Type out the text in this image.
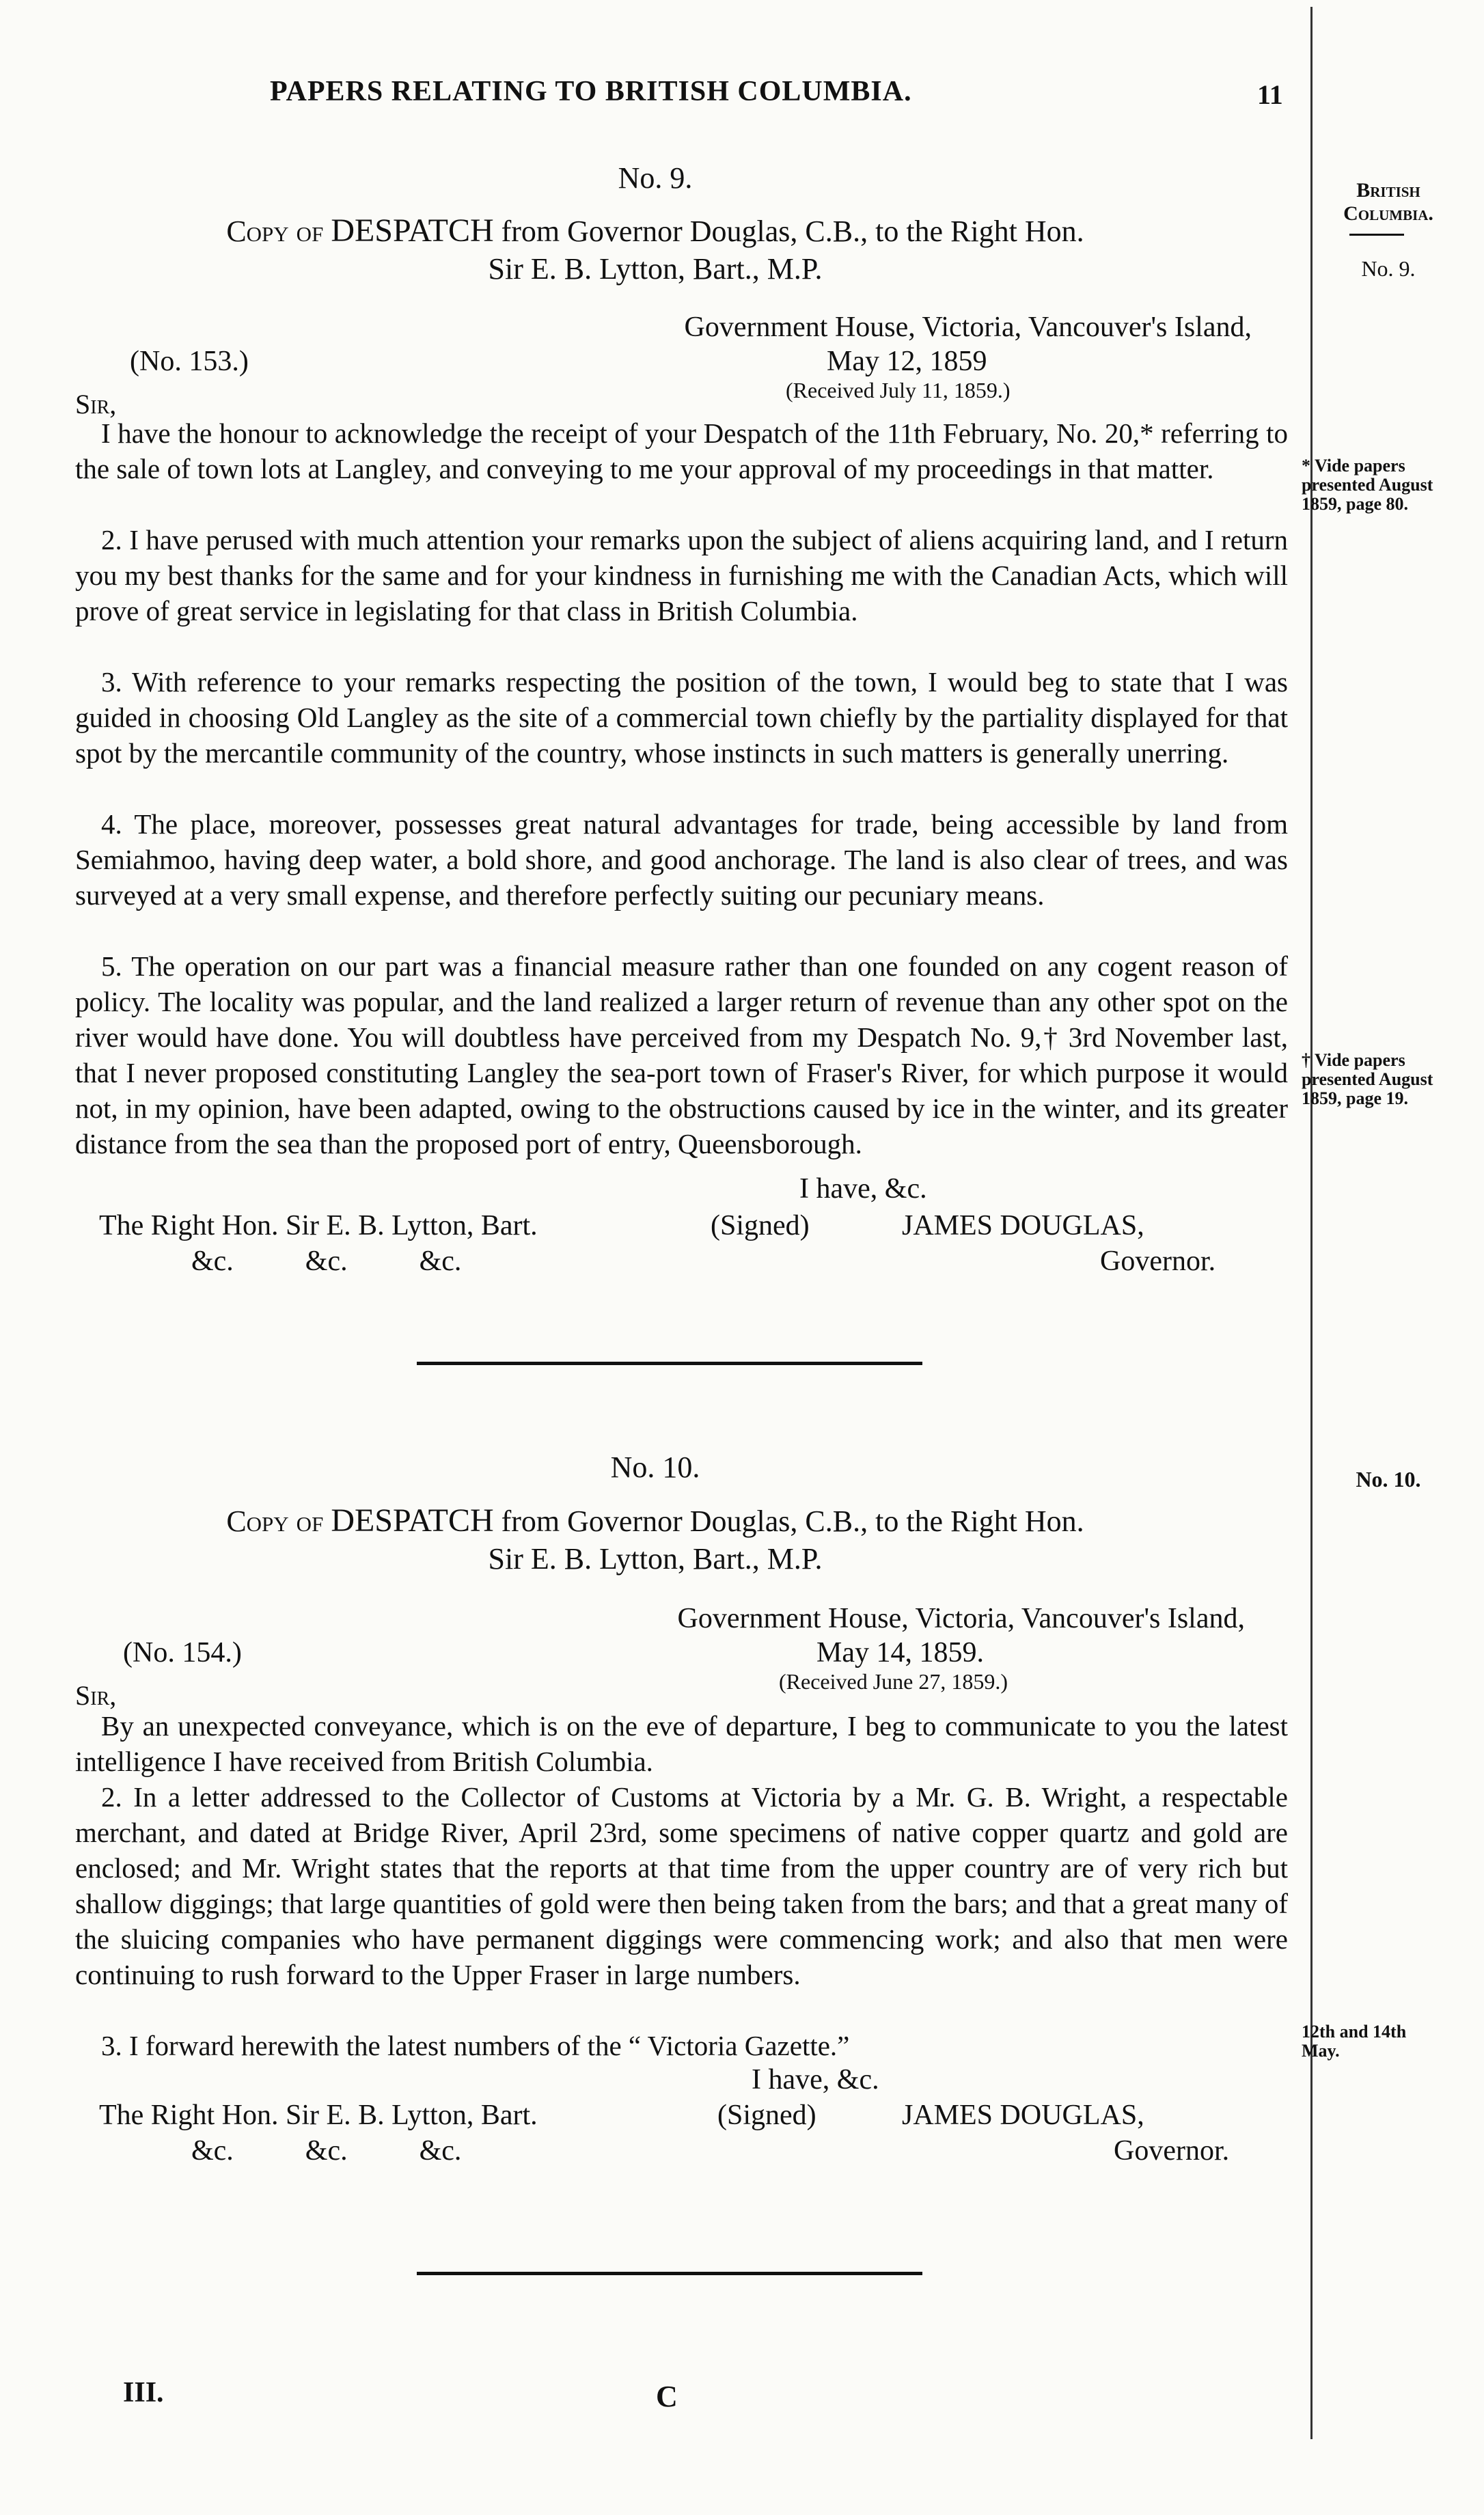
PAPERS RELATING TO BRITISH COLUMBIA.	11
British
Columbia.
No. 9.
* Vide papers presented August 1859, page 80.
† Vide papers presented August 1859, page 19.
No. 10.
12th and 14th May.
No. 9.
Copy of DESPATCH from Governor Douglas, C.B., to the Right Hon.
Sir E. B. Lytton, Bart., M.P.
Government House, Victoria, Vancouver's Island,
(No. 153.)	May 12, 1859
(Received July 11, 1859.)
Sir,

I have the honour to acknowledge the receipt of your Despatch of the 11th February, No. 20,* referring to the sale of town lots at Langley, and conveying to me your approval of my proceedings in that matter.

2. I have perused with much attention your remarks upon the subject of aliens acquiring land, and I return you my best thanks for the same and for your kindness in furnishing me with the Canadian Acts, which will prove of great service in legislating for that class in British Columbia.

3. With reference to your remarks respecting the position of the town, I would beg to state that I was guided in choosing Old Langley as the site of a commercial town chiefly by the partiality displayed for that spot by the mercantile community of the country, whose instincts in such matters is generally unerring.

4. The place, moreover, possesses great natural advantages for trade, being accessible by land from Semiahmoo, having deep water, a bold shore, and good anchorage. The land is also clear of trees, and was surveyed at a very small expense, and therefore perfectly suiting our pecuniary means.

5. The operation on our part was a financial measure rather than one founded on any cogent reason of policy. The locality was popular, and the land realized a larger return of revenue than any other spot on the river would have done. You will doubtless have perceived from my Despatch No. 9,† 3rd November last, that I never proposed constituting Langley the sea-port town of Fraser's River, for which purpose it would not, in my opinion, have been adapted, owing to the obstructions caused by ice in the winter, and its greater distance from the sea than the proposed port of entry, Queensborough.

I have, &c.
The Right Hon. Sir E. B. Lytton, Bart.	(Signed)	JAMES DOUGLAS,
&c.          &c.          &c.	Governor.
No. 10.
Copy of DESPATCH from Governor Douglas, C.B., to the Right Hon.
Sir E. B. Lytton, Bart., M.P.
Government House, Victoria, Vancouver's Island,
(No. 154.)	May 14, 1859.
(Received June 27, 1859.)
Sir,

By an unexpected conveyance, which is on the eve of departure, I beg to communicate to you the latest intelligence I have received from British Columbia.

2. In a letter addressed to the Collector of Customs at Victoria by a Mr. G. B. Wright, a respectable merchant, and dated at Bridge River, April 23rd, some specimens of native copper quartz and gold are enclosed; and Mr. Wright states that the reports at that time from the upper country are of very rich but shallow diggings; that large quantities of gold were then being taken from the bars; and that a great many of the sluicing companies who have permanent diggings were commencing work; and also that men were continuing to rush forward to the Upper Fraser in large numbers.

3. I forward herewith the latest numbers of the “ Victoria Gazette.”

I have, &c.
The Right Hon. Sir E. B. Lytton, Bart.	(Signed)	JAMES DOUGLAS,
&c.          &c.          &c.	Governor.
III.	C
